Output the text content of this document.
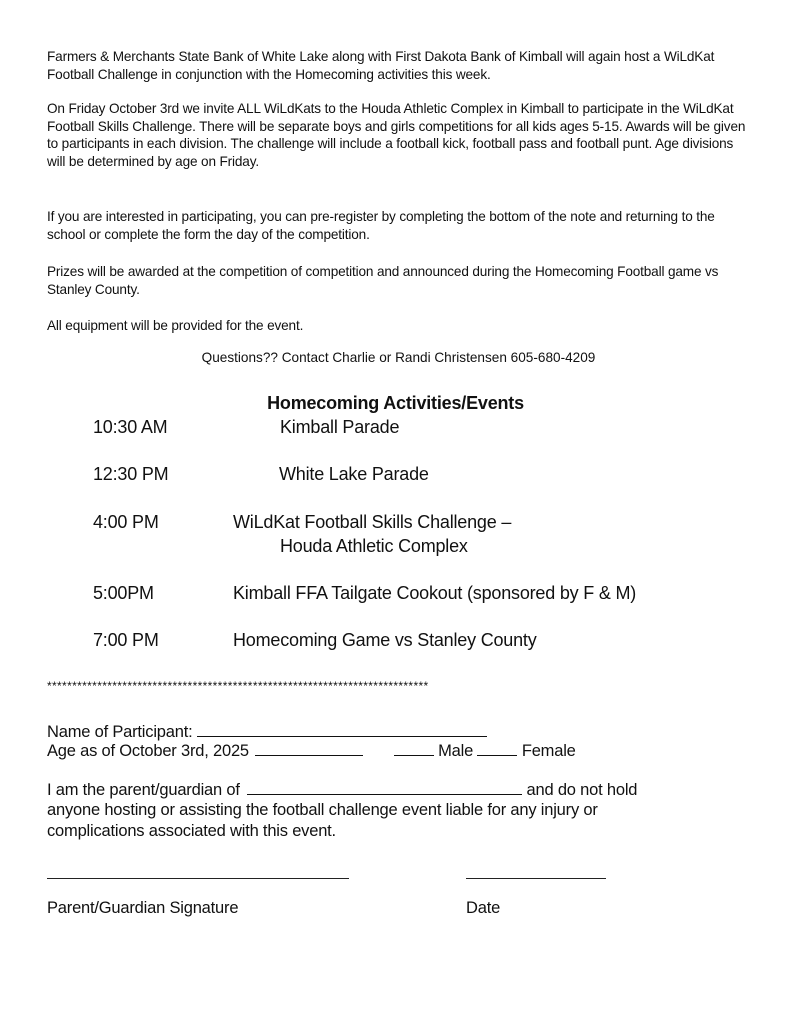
Farmers & Merchants State Bank of White Lake along with First Dakota Bank of Kimball will again host a WiLdKat Football Challenge in conjunction with the Homecoming activities this week.

On Friday October 3rd we invite ALL WiLdKats to the Houda Athletic Complex in Kimball to participate in the WiLdKat Football Skills Challenge. There will be separate boys and girls competitions for all kids ages 5-15. Awards will be given to participants in each division. The challenge will include a football kick, football pass and football punt. Age divisions will be determined by age on Friday.

If you are interested in participating, you can pre-register by completing the bottom of the note and returning to the school or complete the form the day of the competition.

Prizes will be awarded at the competition of competition and announced during the Homecoming Football game vs Stanley County.

All equipment will be provided for the event.

Questions?? Contact Charlie or Randi Christensen 605-680-4209
Homecoming Activities/Events
10:30 AM	Kimball Parade
12:30 PM	White Lake Parade
4:00 PM	WiLdKat Football Skills Challenge –
Houda Athletic Complex
5:00PM	Kimball FFA Tailgate Cookout (sponsored by F & M)
7:00 PM	Homecoming Game vs Stanley County
****************************************************************************
Name of Participant:
Age as of October 3rd, 2025	Male	Female
I am the parent/guardian of	and do not hold
anyone hosting or assisting the football challenge event liable for any injury or
complications associated with this event.
Parent/Guardian Signature	Date
